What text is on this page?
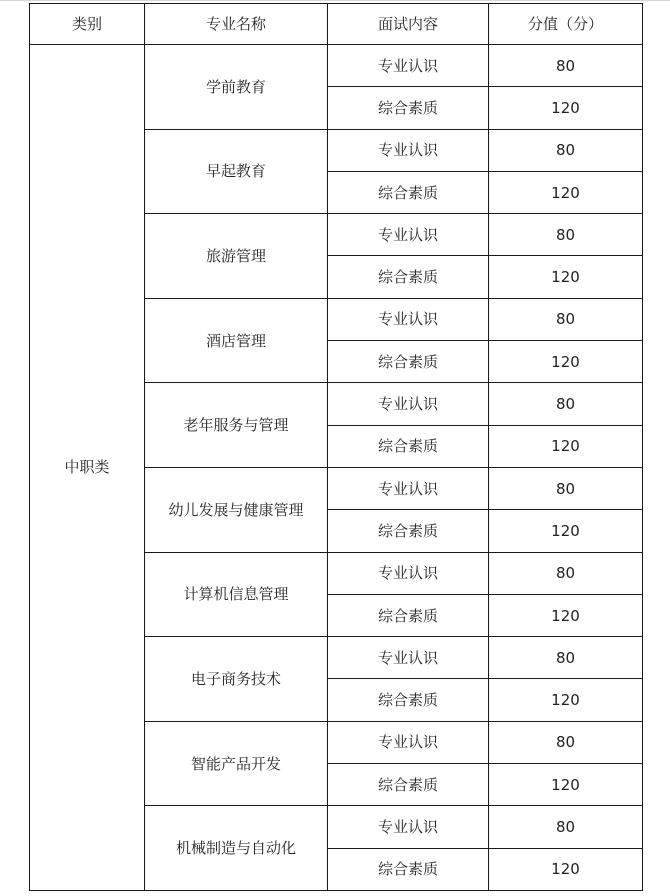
类别	专业名称	面试内容	分值（分）
中职类	学前教育	专业认识	80
		综合素质	120
	早起教育	专业认识	80
		综合素质	120
	旅游管理	专业认识	80
		综合素质	120
	酒店管理	专业认识	80
		综合素质	120
	老年服务与管理	专业认识	80
		综合素质	120
	幼儿发展与健康管理	专业认识	80
		综合素质	120
	计算机信息管理	专业认识	80
		综合素质	120
	电子商务技术	专业认识	80
		综合素质	120
	智能产品开发	专业认识	80
		综合素质	120
	机械制造与自动化	专业认识	80
		综合素质	120
